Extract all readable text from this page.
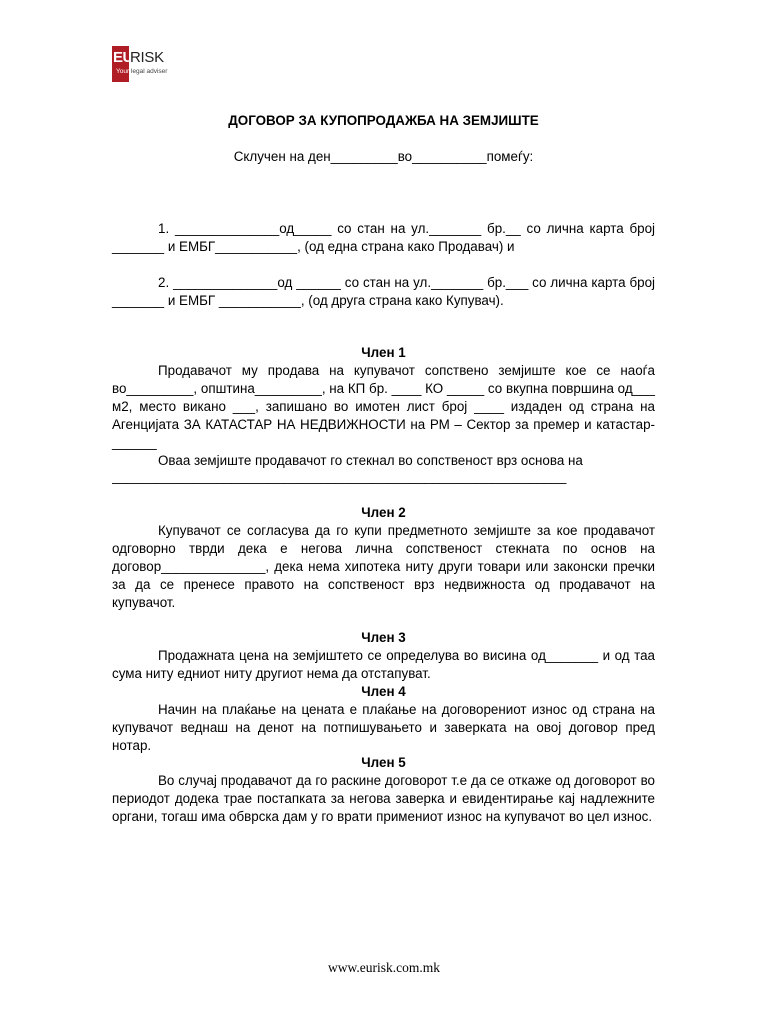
EU
RISK
Your legal adviser
ДОГОВОР ЗА КУПОПРОДАЖБА НА ЗЕМЈИШТЕ
Склучен на ден_________во__________помеѓу:
1. ______________од_____ со стан на ул._______ бр.__ со лична карта број _______ и ЕМБГ___________, (од една страна како Продавач) и
2. ______________од ______ со стан на ул._______ бр.___ со лична карта број _______ и ЕМБГ ___________, (од друга страна како Купувач).
Член 1
Продавачот му продава на купувачот сопствено земјиште кое се наоѓа во_________, општина_________, на КП бр. ____ КО _____ со вкупна површина од___ м2, место викано ___, запишано во имотен лист број ____ издаден од страна на Агенцијата ЗА КАТАСТАР НА НЕДВИЖНОСТИ на РМ – Сектор за премер и катастар-______
Оваа земјиште продавачот го стекнал во сопственост врз основа на
_____________________________________________________________
Член 2
Купувачот се согласува да го купи предметното земјиште за кое продавачот одговорно тврди дека е негова лична сопственост стекната по основ на договор______________, дека нема хипотека ниту други товари или законски пречки за да се пренесе правото на сопственост врз недвижноста од продавачот на купувачот.
Член 3
Продажната цена на земјиштето се определува во висина од_______ и од таа сума ниту едниот ниту другиот нема да отстапуват.
Член 4
Начин на плаќање на цената е плаќање на договорениот износ од страна на купувачот веднаш на денот на потпишувањето и заверката на овој договор пред нотар.
Член 5
Во случај продавачот да го раскине договорот т.е да се откаже од договорот во периодот додека трае постапката за негова заверка и евидентирање кај надлежните органи, тогаш има обврска дам у го врати примениот износ на купувачот во цел износ.
www.eurisk.com.mk
